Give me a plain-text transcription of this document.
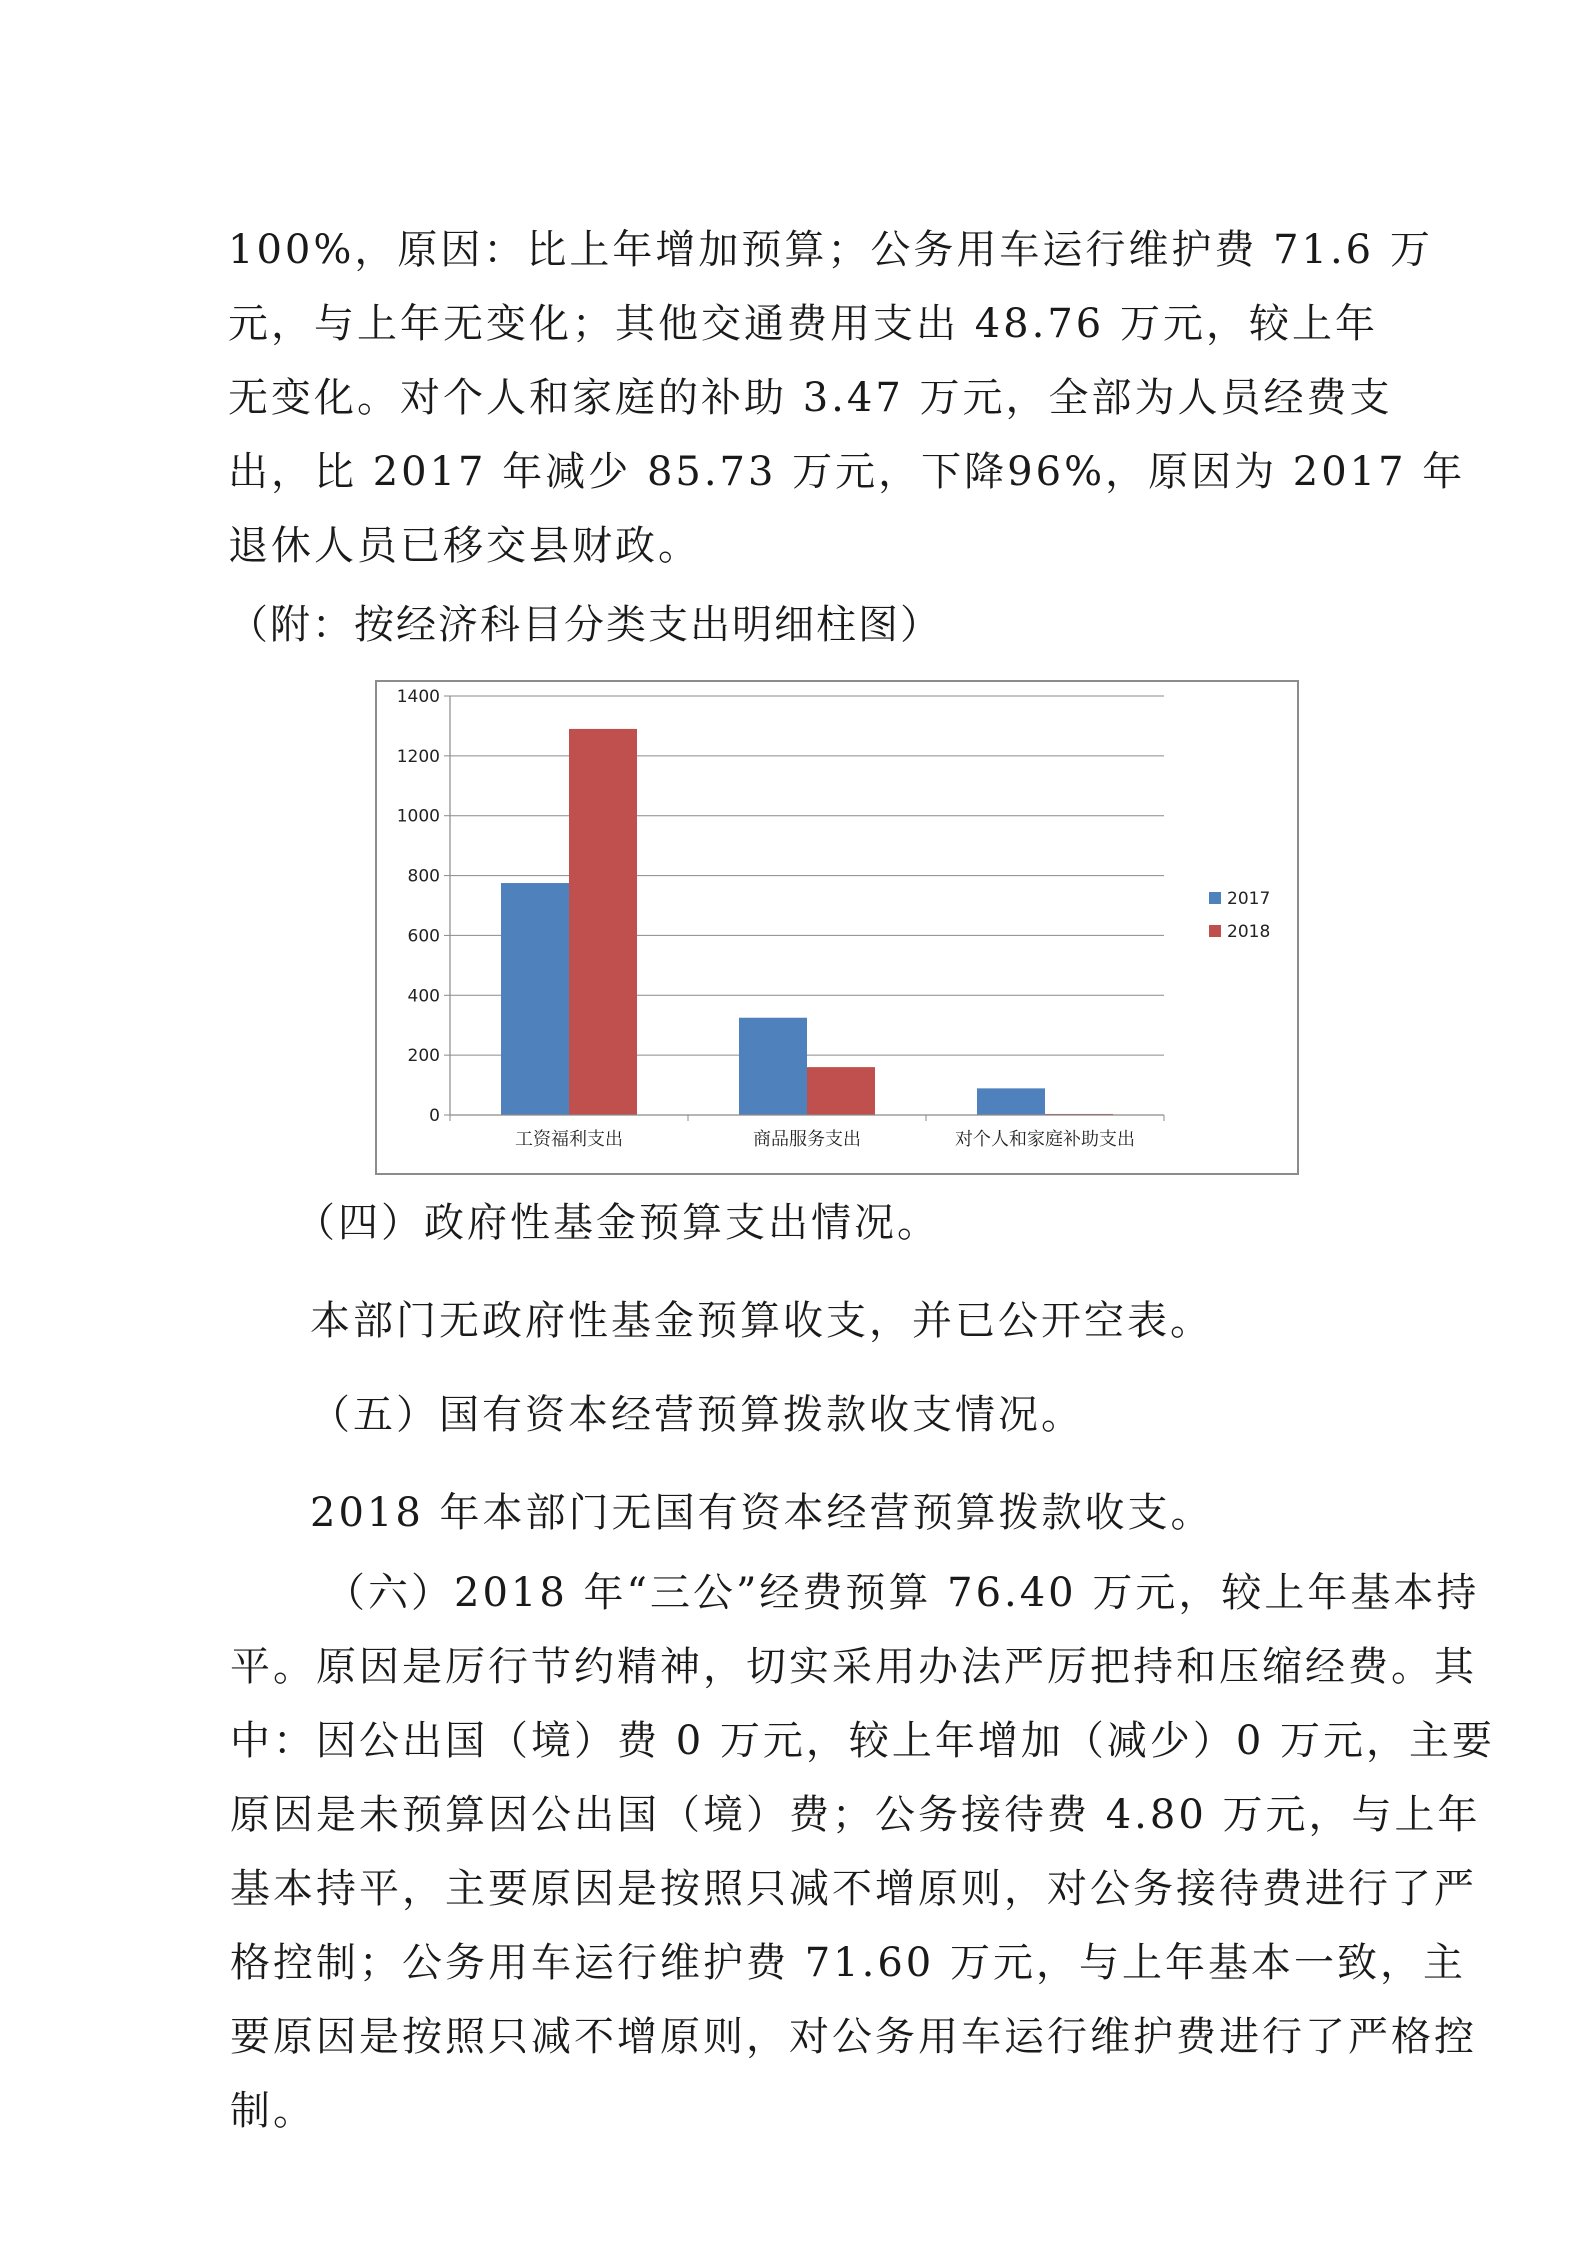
100%，原因：比上年增加预算；公务用车运行维护费 71.6 万
元，与上年无变化；其他交通费用支出 48.76 万元，较上年
无变化。对个人和家庭的补助 3.47 万元，全部为人员经费支
出，比 2017 年减少 85.73 万元，下降96%，原因为 2017 年
退休人员已移交县财政。
（附：按经济科目分类支出明细柱图）
0
200
400
600
800
1000
1200
1400
工资福利支出	商品服务支出	对个人和家庭补助支出
2017
2018
（四）政府性基金预算支出情况。
本部门无政府性基金预算收支，并已公开空表。
（五）国有资本经营预算拨款收支情况。
2018 年本部门无国有资本经营预算拨款收支。
（六）2018 年“三公”经费预算 76.40 万元，较上年基本持
平。原因是厉行节约精神，切实采用办法严厉把持和压缩经费。其
中：因公出国（境）费 0 万元，较上年增加（减少）0 万元，主要
原因是未预算因公出国（境）费；公务接待费 4.80 万元，与上年
基本持平，主要原因是按照只减不增原则，对公务接待费进行了严
格控制；公务用车运行维护费 71.60 万元，与上年基本一致，主
要原因是按照只减不增原则，对公务用车运行维护费进行了严格控
制。
